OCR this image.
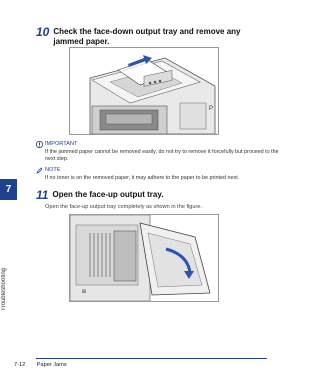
7
Troubleshooting
10 Check the face-down output tray and remove any jammed paper.
P
IMPORTANT
If the jammed paper cannot be removed easily, do not try to remove it forcefully but proceed to the next step.
NOTE
If no toner is on the removed paper, it may adhere to the paper to be printed next.
11 Open the face-up output tray.
Open the face-up output tray completely as shown in the figure.
₪
7-12 Paper Jams
